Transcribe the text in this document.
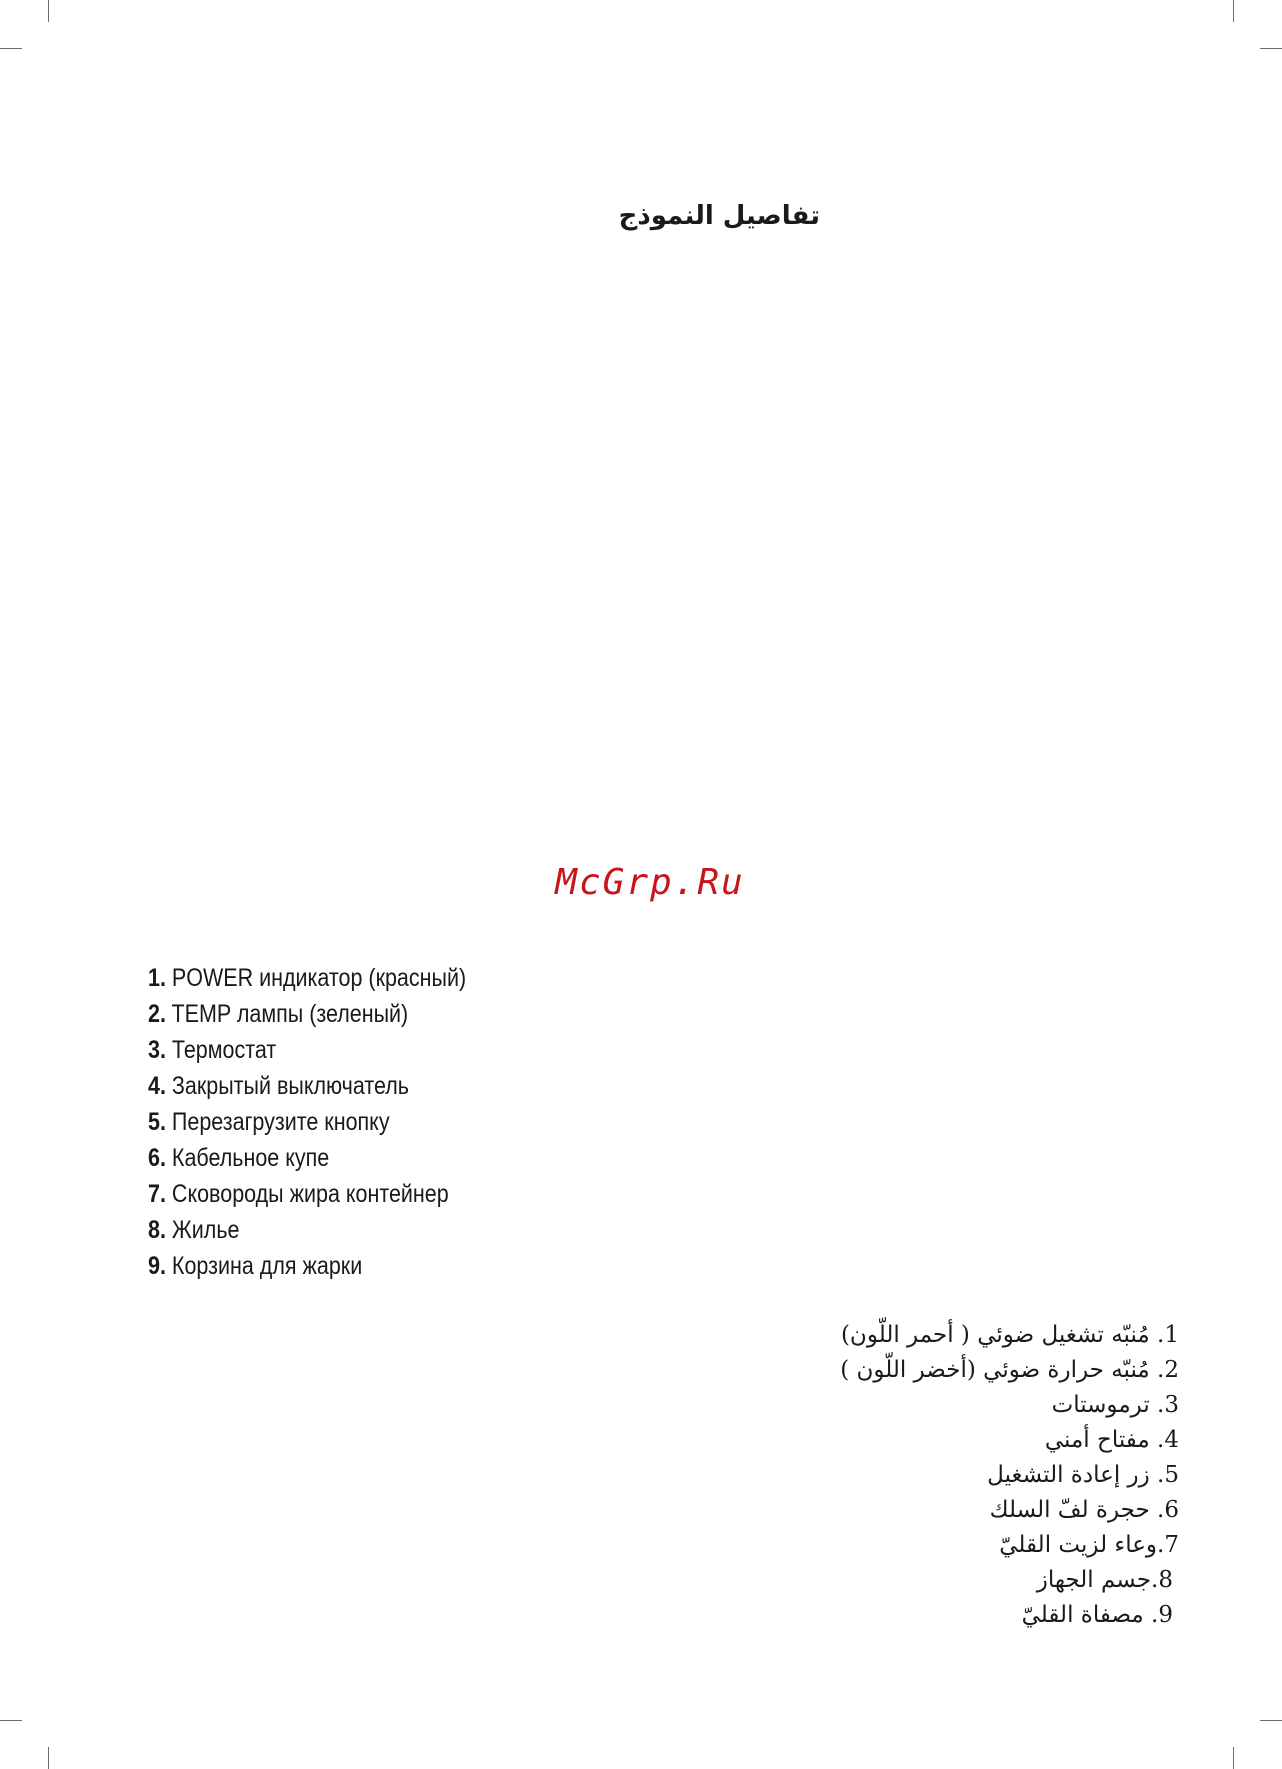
تفاصيل النموذج
McGrp.Ru
1. POWER индикатор (красный)
2. TEMP лампы (зеленый)
3. Термостат
4. Закрытый выключатель
5. Перезагрузите кнопку
6. Кабельное купе
7. Сковороды жира контейнер
8. Жилье
9. Корзина для жарки
1. مُنبّه تشغيل ضوئي ( أحمر اللّون)
2. مُنبّه حرارة ضوئي (أخضر اللّون )
3. ترموستات
4. مفتاح أمني
5. زر إعادة التشغيل
6. حجرة لفّ السلك
7.وعاء لزيت القليّ
8.جسم الجهاز
9. مصفاة القليّ
